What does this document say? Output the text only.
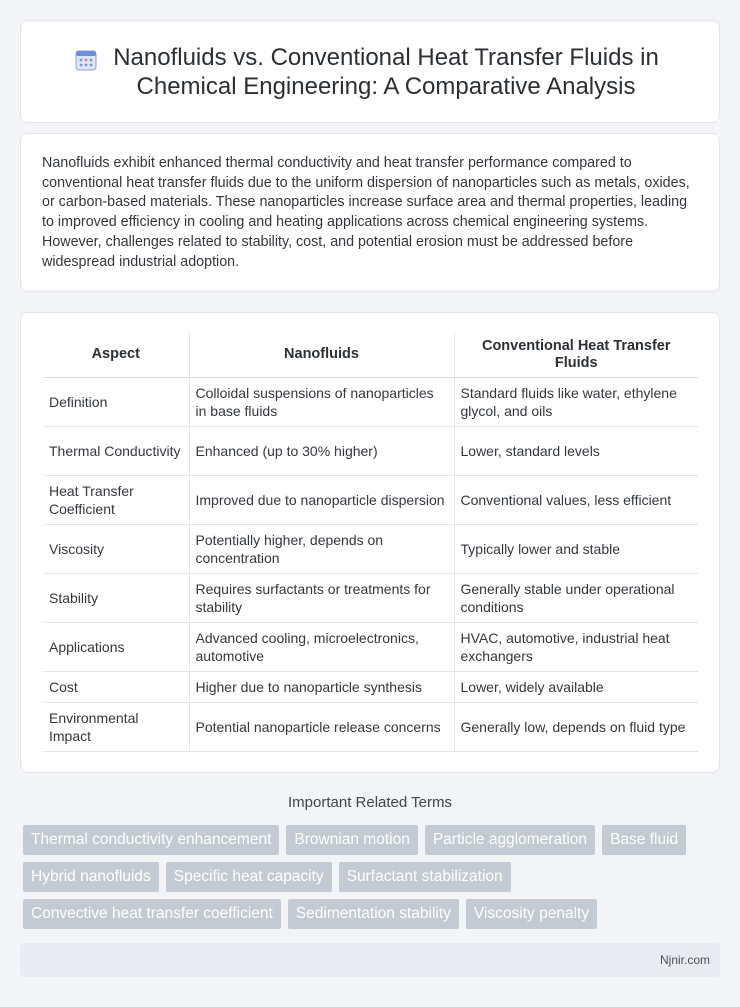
Nanofluids vs. Conventional Heat Transfer Fluids in Chemical Engineering: A Comparative Analysis

Nanofluids exhibit enhanced thermal conductivity and heat transfer performance compared to conventional heat transfer fluids due to the uniform dispersion of nanoparticles such as metals, oxides, or carbon-based materials. These nanoparticles increase surface area and thermal properties, leading to improved efficiency in cooling and heating applications across chemical engineering systems. However, challenges related to stability, cost, and potential erosion must be addressed before widespread industrial adoption.

Aspect	Nanofluids	Conventional Heat Transfer Fluids
Definition	Colloidal suspensions of nanoparticles in base fluids	Standard fluids like water, ethylene glycol, and oils
Thermal Conductivity	Enhanced (up to 30% higher)	Lower, standard levels
Heat Transfer Coefficient	Improved due to nanoparticle dispersion	Conventional values, less efficient
Viscosity	Potentially higher, depends on concentration	Typically lower and stable
Stability	Requires surfactants or treatments for stability	Generally stable under operational conditions
Applications	Advanced cooling, microelectronics, automotive	HVAC, automotive, industrial heat exchangers
Cost	Higher due to nanoparticle synthesis	Lower, widely available
Environmental Impact	Potential nanoparticle release concerns	Generally low, depends on fluid type
Important Related Terms
Thermal conductivity enhancement	Brownian motion	Particle agglomeration	Base fluid
Hybrid nanofluids	Specific heat capacity	Surfactant stabilization
Convective heat transfer coefficient	Sedimentation stability	Viscosity penalty
Njnir.com
